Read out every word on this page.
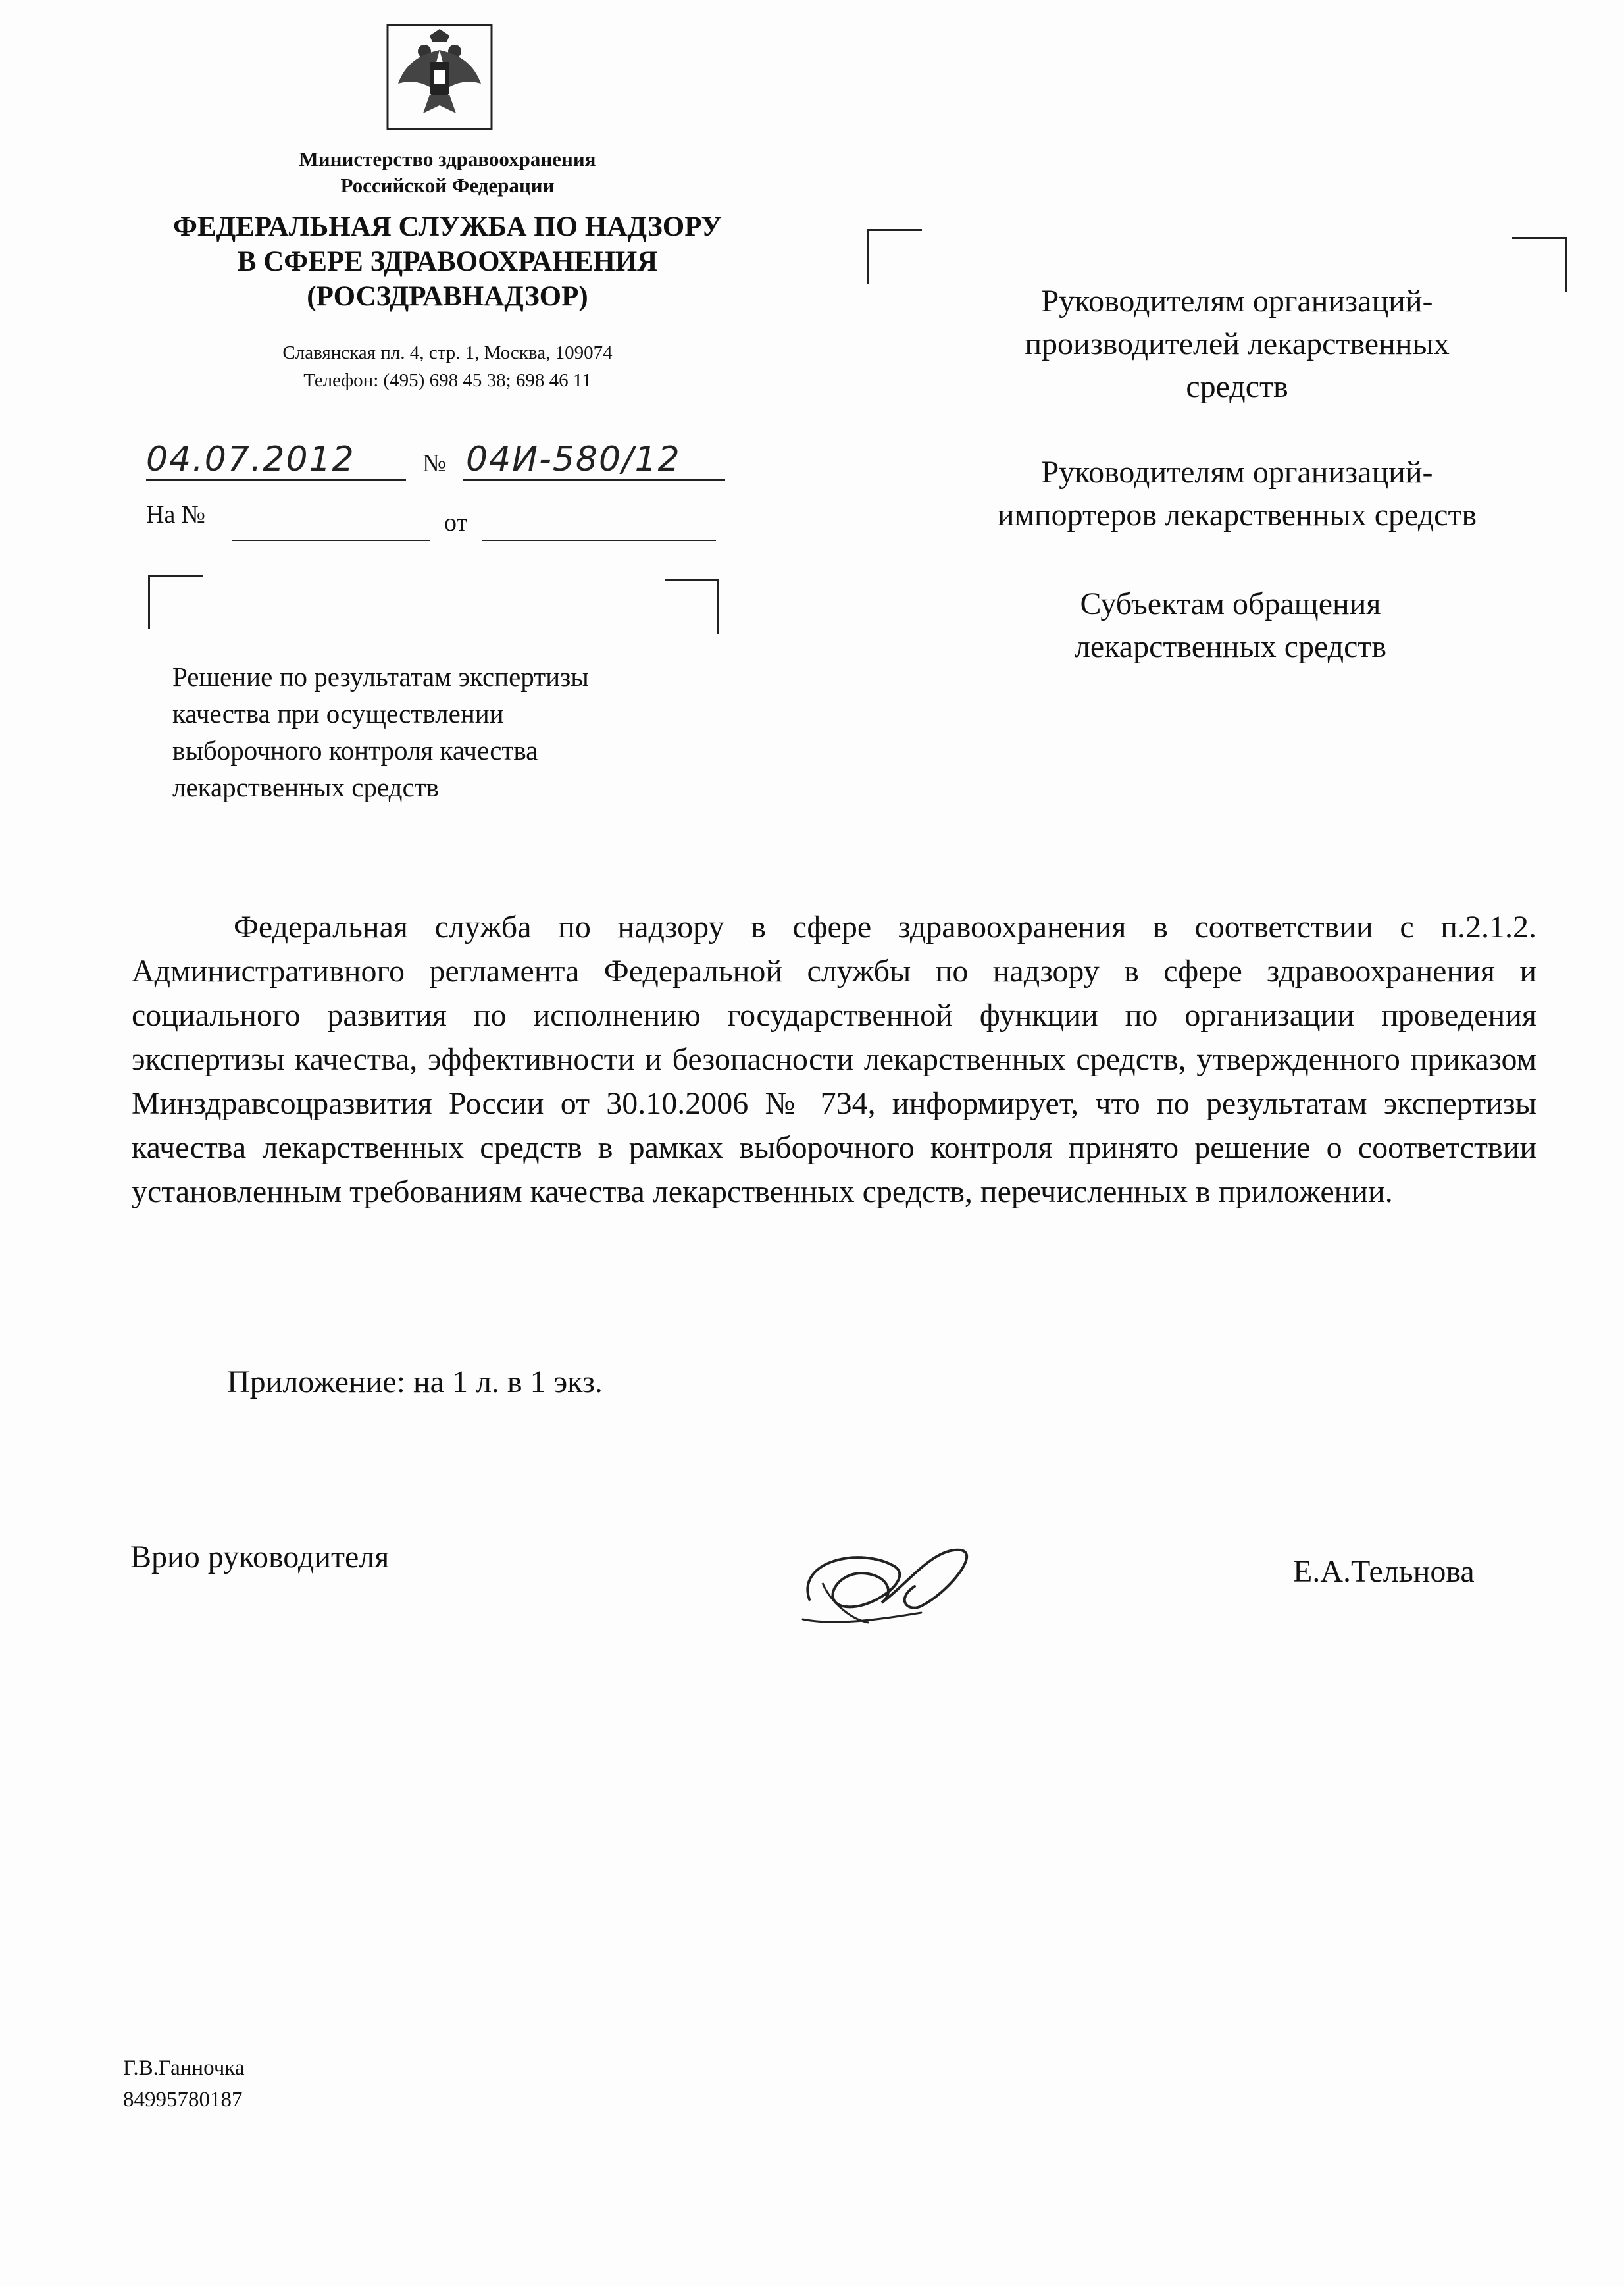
Министерство здравоохранения
Российской Федерации
ФЕДЕРАЛЬНАЯ СЛУЖБА ПО НАДЗОРУ
В СФЕРЕ ЗДРАВООХРАНЕНИЯ
(РОСЗДРАВНАДЗОР)
Славянская пл. 4, стр. 1, Москва, 109074
Телефон: (495) 698 45 38; 698 46 11
04.07.2012	№ 04И-580/12
На №	от
Решение по результатам экспертизы
качества при осуществлении
выборочного контроля качества
лекарственных средств
Руководителям организаций-
производителей лекарственных
средств
Руководителям организаций-
импортеров лекарственных средств
Субъектам обращения
лекарственных средств

Федеральная служба по надзору в сфере здравоохранения в соответствии с п.2.1.2. Административного регламента Федеральной службы по надзору в сфере здравоохранения и социального развития по исполнению государственной функции по организации проведения экспертизы качества, эффективности и безопасности лекарственных средств, утвержденного приказом Минздравсоцразвития России от 30.10.2006 № 734, информирует, что по результатам экспертизы качества лекарственных средств в рамках выборочного контроля принято решение о соответствии установленным требованиям качества лекарственных средств, перечисленных в приложении.

Приложение: на 1 л. в 1 экз.
Врио руководителя	Е.А.Тельнова
Г.В.Ганночка
84995780187
